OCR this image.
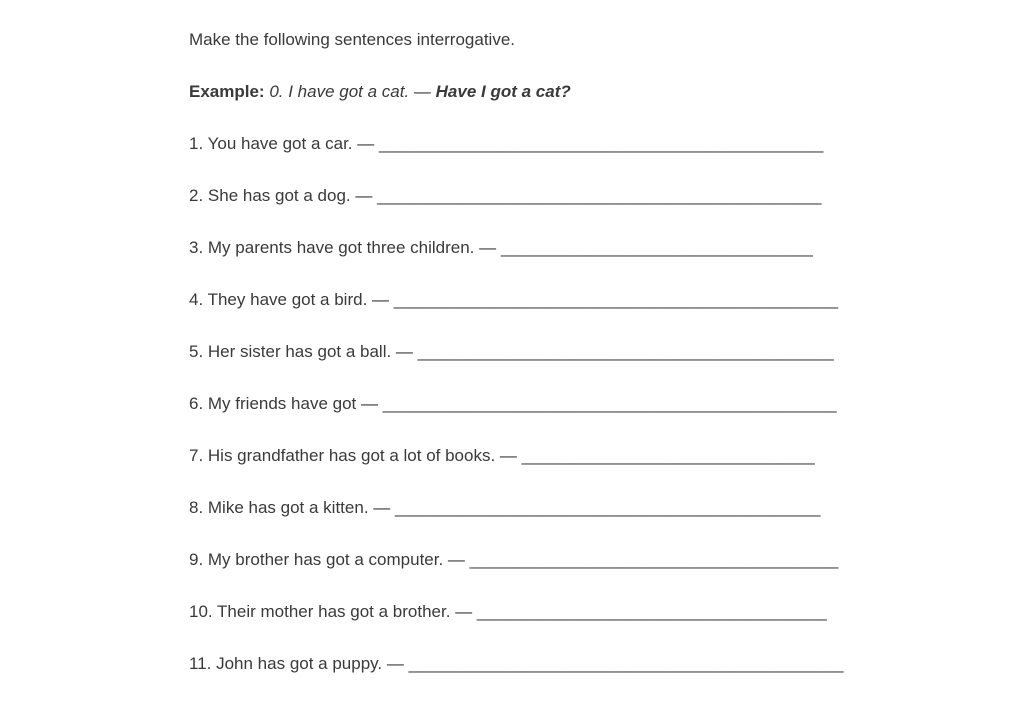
Make the following sentences interrogative.
Example: 0. I have got a cat. — Have I got a cat?
1. You have got a car. — _______________________________________________
2. She has got a dog. — _______________________________________________
3. My parents have got three children. — _________________________________
4. They have got a bird. — _______________________________________________
5. Her sister has got a ball. — ____________________________________________
6. My friends have got — ________________________________________________
7. His grandfather has got a lot of books. — _______________________________
8. Mike has got a kitten. — _____________________________________________
9. My brother has got a computer. — _______________________________________
10. Their mother has got a brother. — _____________________________________
11. John has got a puppy. — ______________________________________________
